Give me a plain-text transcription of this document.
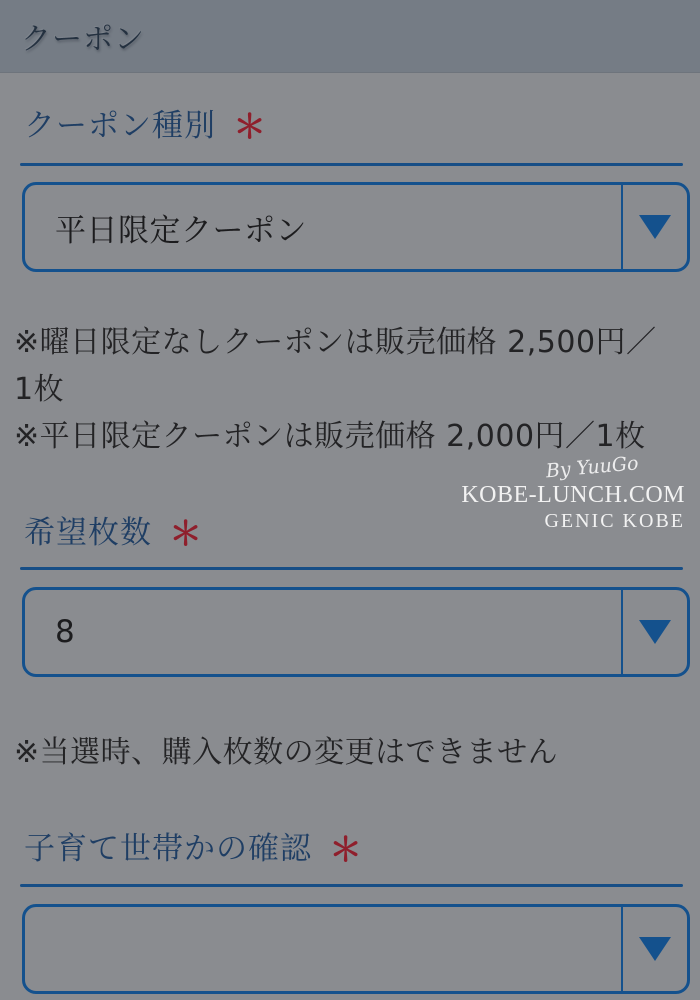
クーポン
クーポン種別 ＊
平日限定クーポン

※曜日限定なしクーポンは販売価格 2,500円／

1枚

※平日限定クーポンは販売価格 2,000円／1枚

希望枚数 ＊
8

※当選時、購入枚数の変更はできません

子育て世帯かの確認 ＊
By YuuGo
KOBE-LUNCH.COM
GENIC KOBE
